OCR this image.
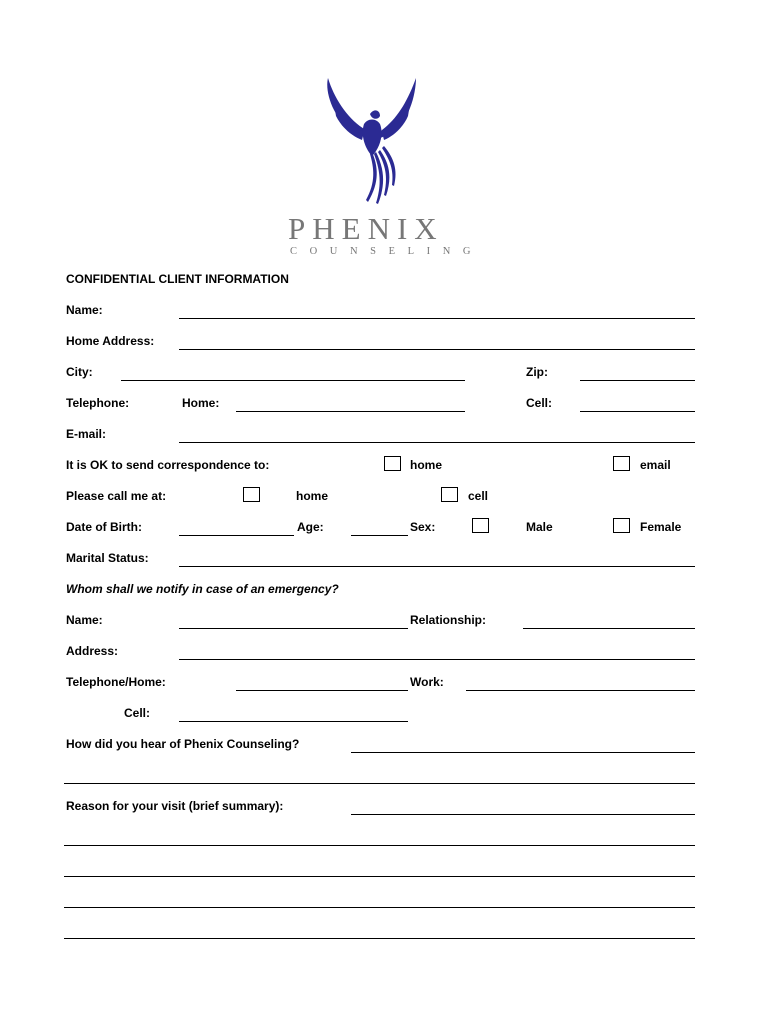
PHENIX
COUNSELING
CONFIDENTIAL CLIENT INFORMATION
Name:
Home Address:
City:	Zip:
Telephone:	Home:	Cell:
E-mail:
It is OK to send correspondence to:	home	email
Please call me at:	home	cell
Date of Birth:	Age:	Sex:	Male	Female
Marital Status:
Whom shall we notify in case of an emergency?
Name:	Relationship:
Address:
Telephone/Home:	Work:
Cell:
How did you hear of Phenix Counseling?
Reason for your visit (brief summary):
